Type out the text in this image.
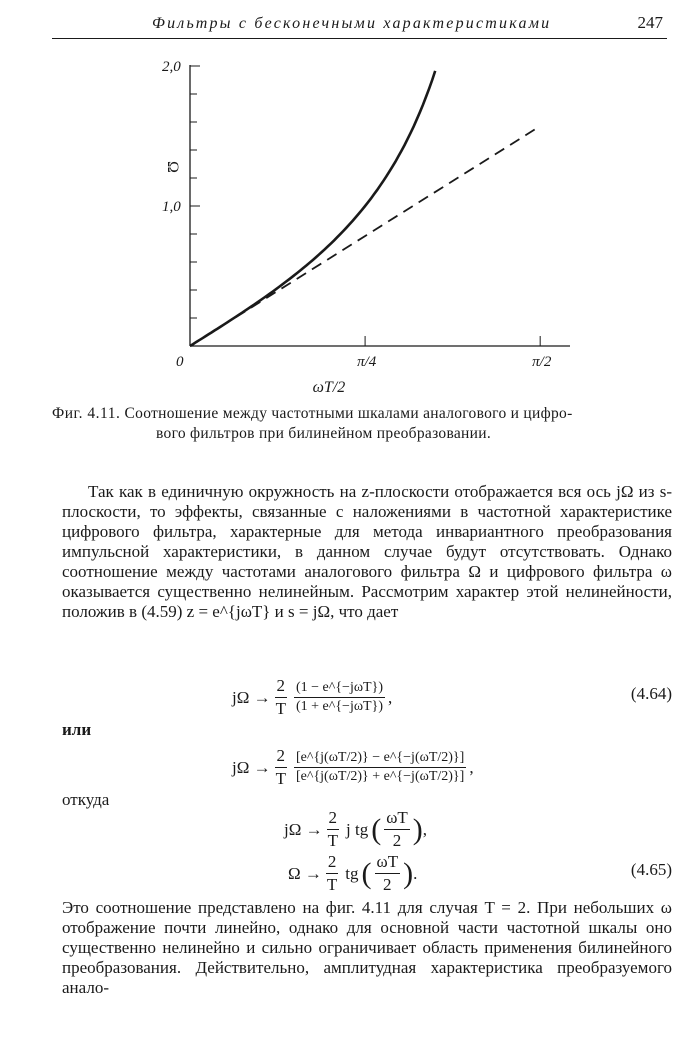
Фильтры с бесконечными характеристиками	247
π/4	π/2
1,0
2,0
0
ωT/2
Ω
Фиг. 4.11. Соотношение между частотными шкалами аналогового и цифро-
вого фильтров при билинейном преобразовании.

Так как в единичную окружность на z-плоскости отображается вся ось jΩ из s-плоскости, то эффекты, связанные с наложениями в частотной характеристике цифрового фильтра, характерные для метода инвариантного преобразования импульсной характеристики, в данном случае будут отсутствовать. Однако соотношение между частотами аналогового фильтра Ω и цифрового фильтра ω оказывается существенно нелинейным. Рассмотрим характер этой нелинейности, положив в (4.59) z = e^{jωT} и s = jΩ, что дает

$j\Omega \to \frac{2}{T} \frac{\text{(1 − e\textasciicircum{}\{−jωT\})}}{\text{(1 + e\textasciicircum{}\{−jωT\})}}$ ,	(4.64)
или
$j\Omega \to \frac{2}{T} \frac{[e\^{}\{j(\omega T/2)\} - e\^{}\{-j(\omega T/2)\}]}{[e\^{}\{j(\omega T/2)\} + e\^{}\{-j(\omega T/2)\}]}$ ,
откуда
$j\Omega \to \frac{2}{T}$ j tg ( $\frac{\omega T}{2}$ ) ,
$\Omega \to \frac{2}{T}$ tg ( $\frac{\omega T}{2}$ ) .	(4.65)

Это соотношение представлено на фиг. 4.11 для случая T = 2. При небольших ω отображение почти линейно, однако для основной части частотной шкалы оно существенно нелинейно и сильно ограничивает область применения билинейного преобразования. Действительно, амплитудная характеристика преобразуемого анало-
